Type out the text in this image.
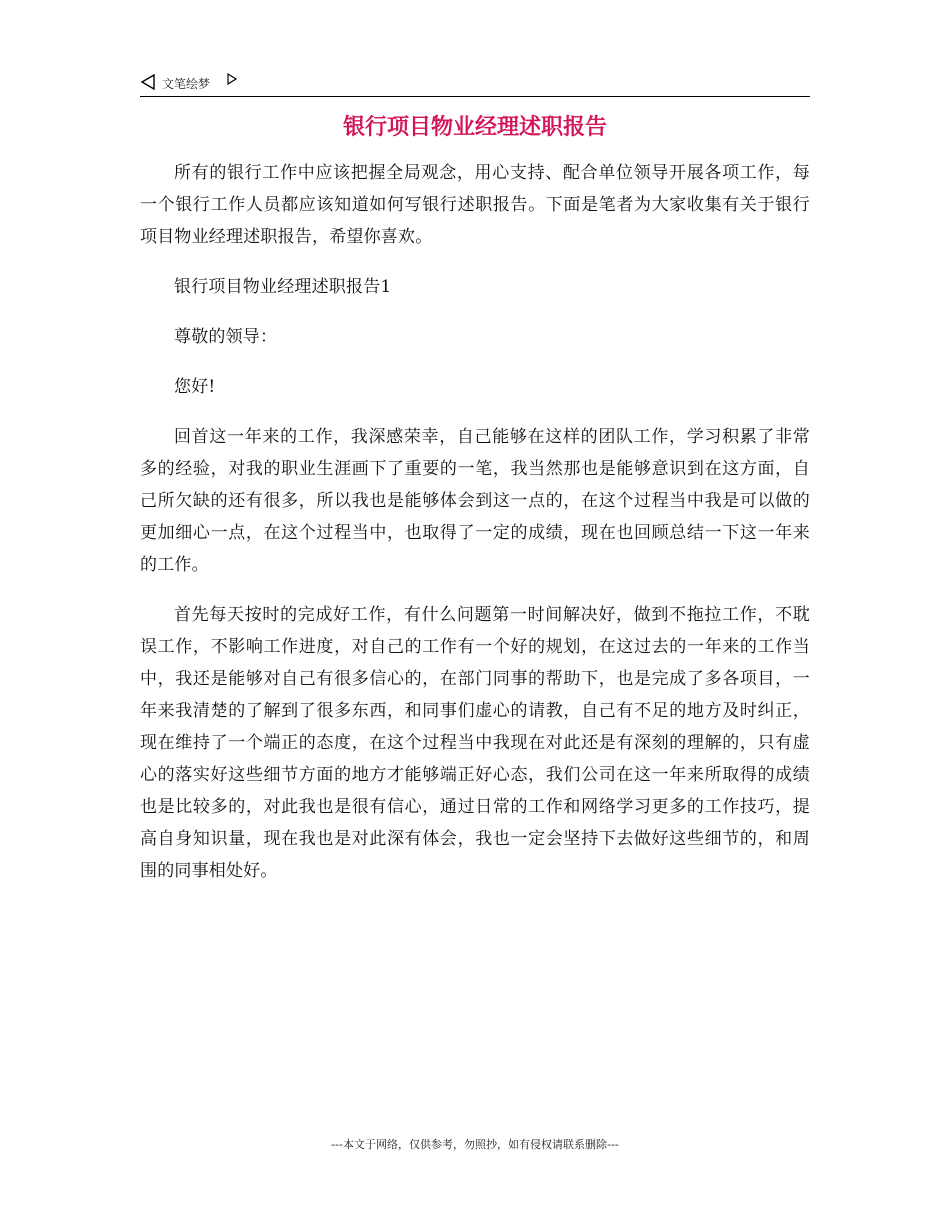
文笔绘梦
银行项目物业经理述职报告

所有的银行工作中应该把握全局观念，用心支持、配合单位领导开展各项工作，每一个银行工作人员都应该知道如何写银行述职报告。下面是笔者为大家收集有关于银行项目物业经理述职报告，希望你喜欢。

银行项目物业经理述职报告1

尊敬的领导：

您好!

回首这一年来的工作，我深感荣幸，自己能够在这样的团队工作，学习积累了非常多的经验，对我的职业生涯画下了重要的一笔，我当然那也是能够意识到在这方面，自己所欠缺的还有很多，所以我也是能够体会到这一点的，在这个过程当中我是可以做的更加细心一点，在这个过程当中，也取得了一定的成绩，现在也回顾总结一下这一年来的工作。

首先每天按时的完成好工作，有什么问题第一时间解决好，做到不拖拉工作，不耽误工作，不影响工作进度，对自己的工作有一个好的规划，在这过去的一年来的工作当中，我还是能够对自己有很多信心的，在部门同事的帮助下，也是完成了多各项目，一年来我清楚的了解到了很多东西，和同事们虚心的请教，自己有不足的地方及时纠正，现在维持了一个端正的态度，在这个过程当中我现在对此还是有深刻的理解的，只有虚心的落实好这些细节方面的地方才能够端正好心态，我们公司在这一年来所取得的成绩也是比较多的，对此我也是很有信心，通过日常的工作和网络学习更多的工作技巧，提高自身知识量，现在我也是对此深有体会，我也一定会坚持下去做好这些细节的，和周围的同事相处好。

---本文于网络，仅供参考，勿照抄，如有侵权请联系删除---
